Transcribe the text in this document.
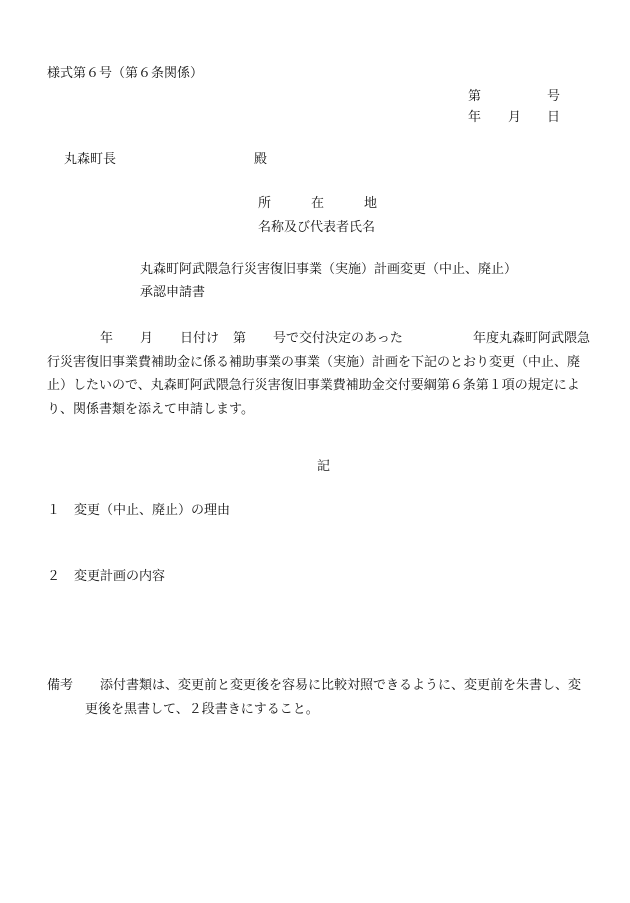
様式第６号（第６条関係）
第	号
年 月 日
丸森町長	殿
所	在	地
名称及び代表者氏名
丸森町阿武隈急行災害復旧事業（実施）計画変更（中止、廃止）
承認申請書
年 月 日付け 第 号で交付決定のあった	年度丸森町阿武隈急
行災害復旧事業費補助金に係る補助事業の事業（実施）計画を下記のとおり変更（中止、廃
止）したいので、丸森町阿武隈急行災害復旧事業費補助金交付要綱第６条第１項の規定によ
り、関係書類を添えて申請します。
記
１ 変更（中止、廃止）の理由
２ 変更計画の内容
備考 添付書類は、変更前と変更後を容易に比較対照できるように、変更前を朱書し、変
更後を黒書して、２段書きにすること。
